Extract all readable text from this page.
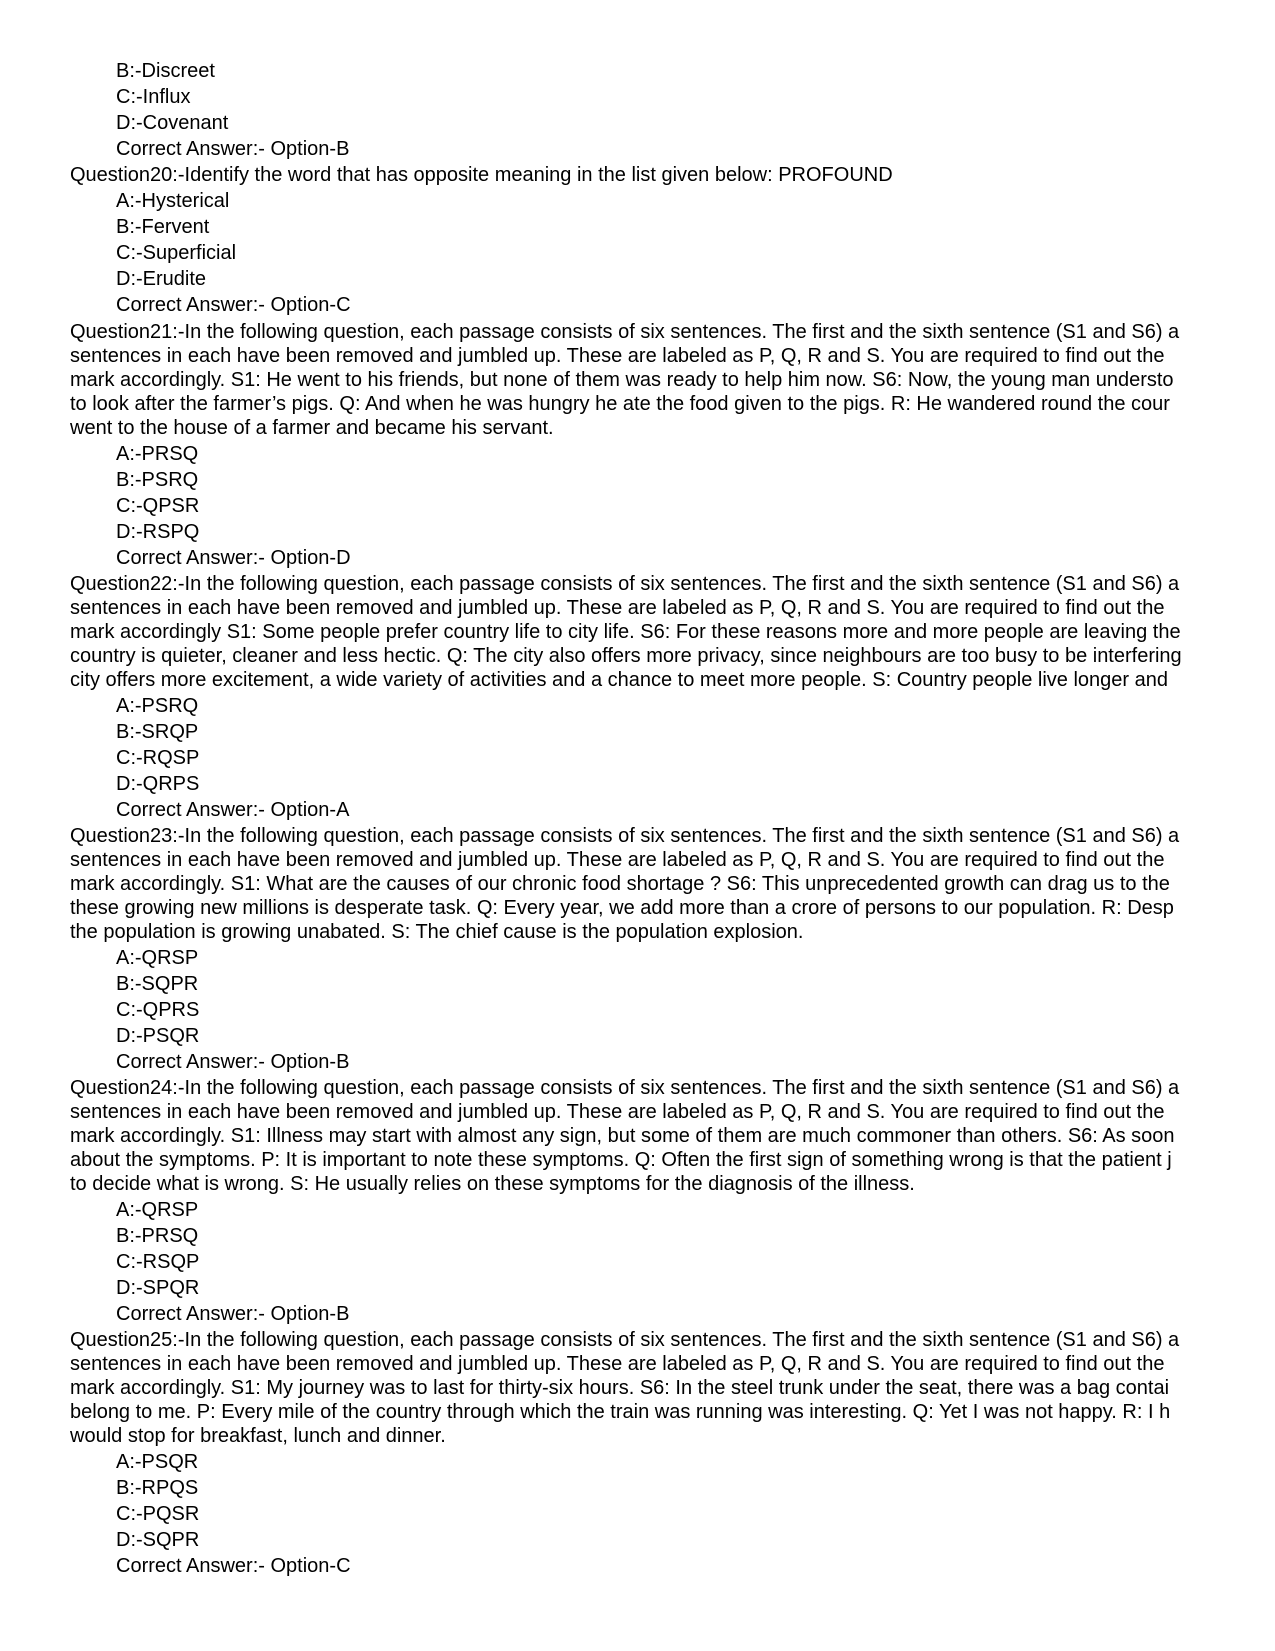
B:-Discreet
C:-Influx
D:-Covenant
Correct Answer:- Option-B
Question20:-Identify the word that has opposite meaning in the list given below: PROFOUND
A:-Hysterical
B:-Fervent
C:-Superficial
D:-Erudite
Correct Answer:- Option-C
Question21:-In the following question, each passage consists of six sentences. The first and the sixth sentence (S1 and S6) a
sentences in each have been removed and jumbled up. These are labeled as P, Q, R and S. You are required to find out the
mark accordingly. S1: He went to his friends, but none of them was ready to help him now. S6: Now, the young man understo
to look after the farmer’s pigs. Q: And when he was hungry he ate the food given to the pigs. R: He wandered round the cour
went to the house of a farmer and became his servant.
A:-PRSQ
B:-PSRQ
C:-QPSR
D:-RSPQ
Correct Answer:- Option-D
Question22:-In the following question, each passage consists of six sentences. The first and the sixth sentence (S1 and S6) a
sentences in each have been removed and jumbled up. These are labeled as P, Q, R and S. You are required to find out the
mark accordingly S1: Some people prefer country life to city life. S6: For these reasons more and more people are leaving the
country is quieter, cleaner and less hectic. Q: The city also offers more privacy, since neighbours are too busy to be interfering
city offers more excitement, a wide variety of activities and a chance to meet more people. S: Country people live longer and
A:-PSRQ
B:-SRQP
C:-RQSP
D:-QRPS
Correct Answer:- Option-A
Question23:-In the following question, each passage consists of six sentences. The first and the sixth sentence (S1 and S6) a
sentences in each have been removed and jumbled up. These are labeled as P, Q, R and S. You are required to find out the
mark accordingly. S1: What are the causes of our chronic food shortage ? S6: This unprecedented growth can drag us to the
these growing new millions is desperate task. Q: Every year, we add more than a crore of persons to our population. R: Desp
the population is growing unabated. S: The chief cause is the population explosion.
A:-QRSP
B:-SQPR
C:-QPRS
D:-PSQR
Correct Answer:- Option-B
Question24:-In the following question, each passage consists of six sentences. The first and the sixth sentence (S1 and S6) a
sentences in each have been removed and jumbled up. These are labeled as P, Q, R and S. You are required to find out the
mark accordingly. S1: Illness may start with almost any sign, but some of them are much commoner than others. S6: As soon
about the symptoms. P: It is important to note these symptoms. Q: Often the first sign of something wrong is that the patient j
to decide what is wrong. S: He usually relies on these symptoms for the diagnosis of the illness.
A:-QRSP
B:-PRSQ
C:-RSQP
D:-SPQR
Correct Answer:- Option-B
Question25:-In the following question, each passage consists of six sentences. The first and the sixth sentence (S1 and S6) a
sentences in each have been removed and jumbled up. These are labeled as P, Q, R and S. You are required to find out the
mark accordingly. S1: My journey was to last for thirty-six hours. S6: In the steel trunk under the seat, there was a bag contai
belong to me. P: Every mile of the country through which the train was running was interesting. Q: Yet I was not happy. R: I h
would stop for breakfast, lunch and dinner.
A:-PSQR
B:-RPQS
C:-PQSR
D:-SQPR
Correct Answer:- Option-C
